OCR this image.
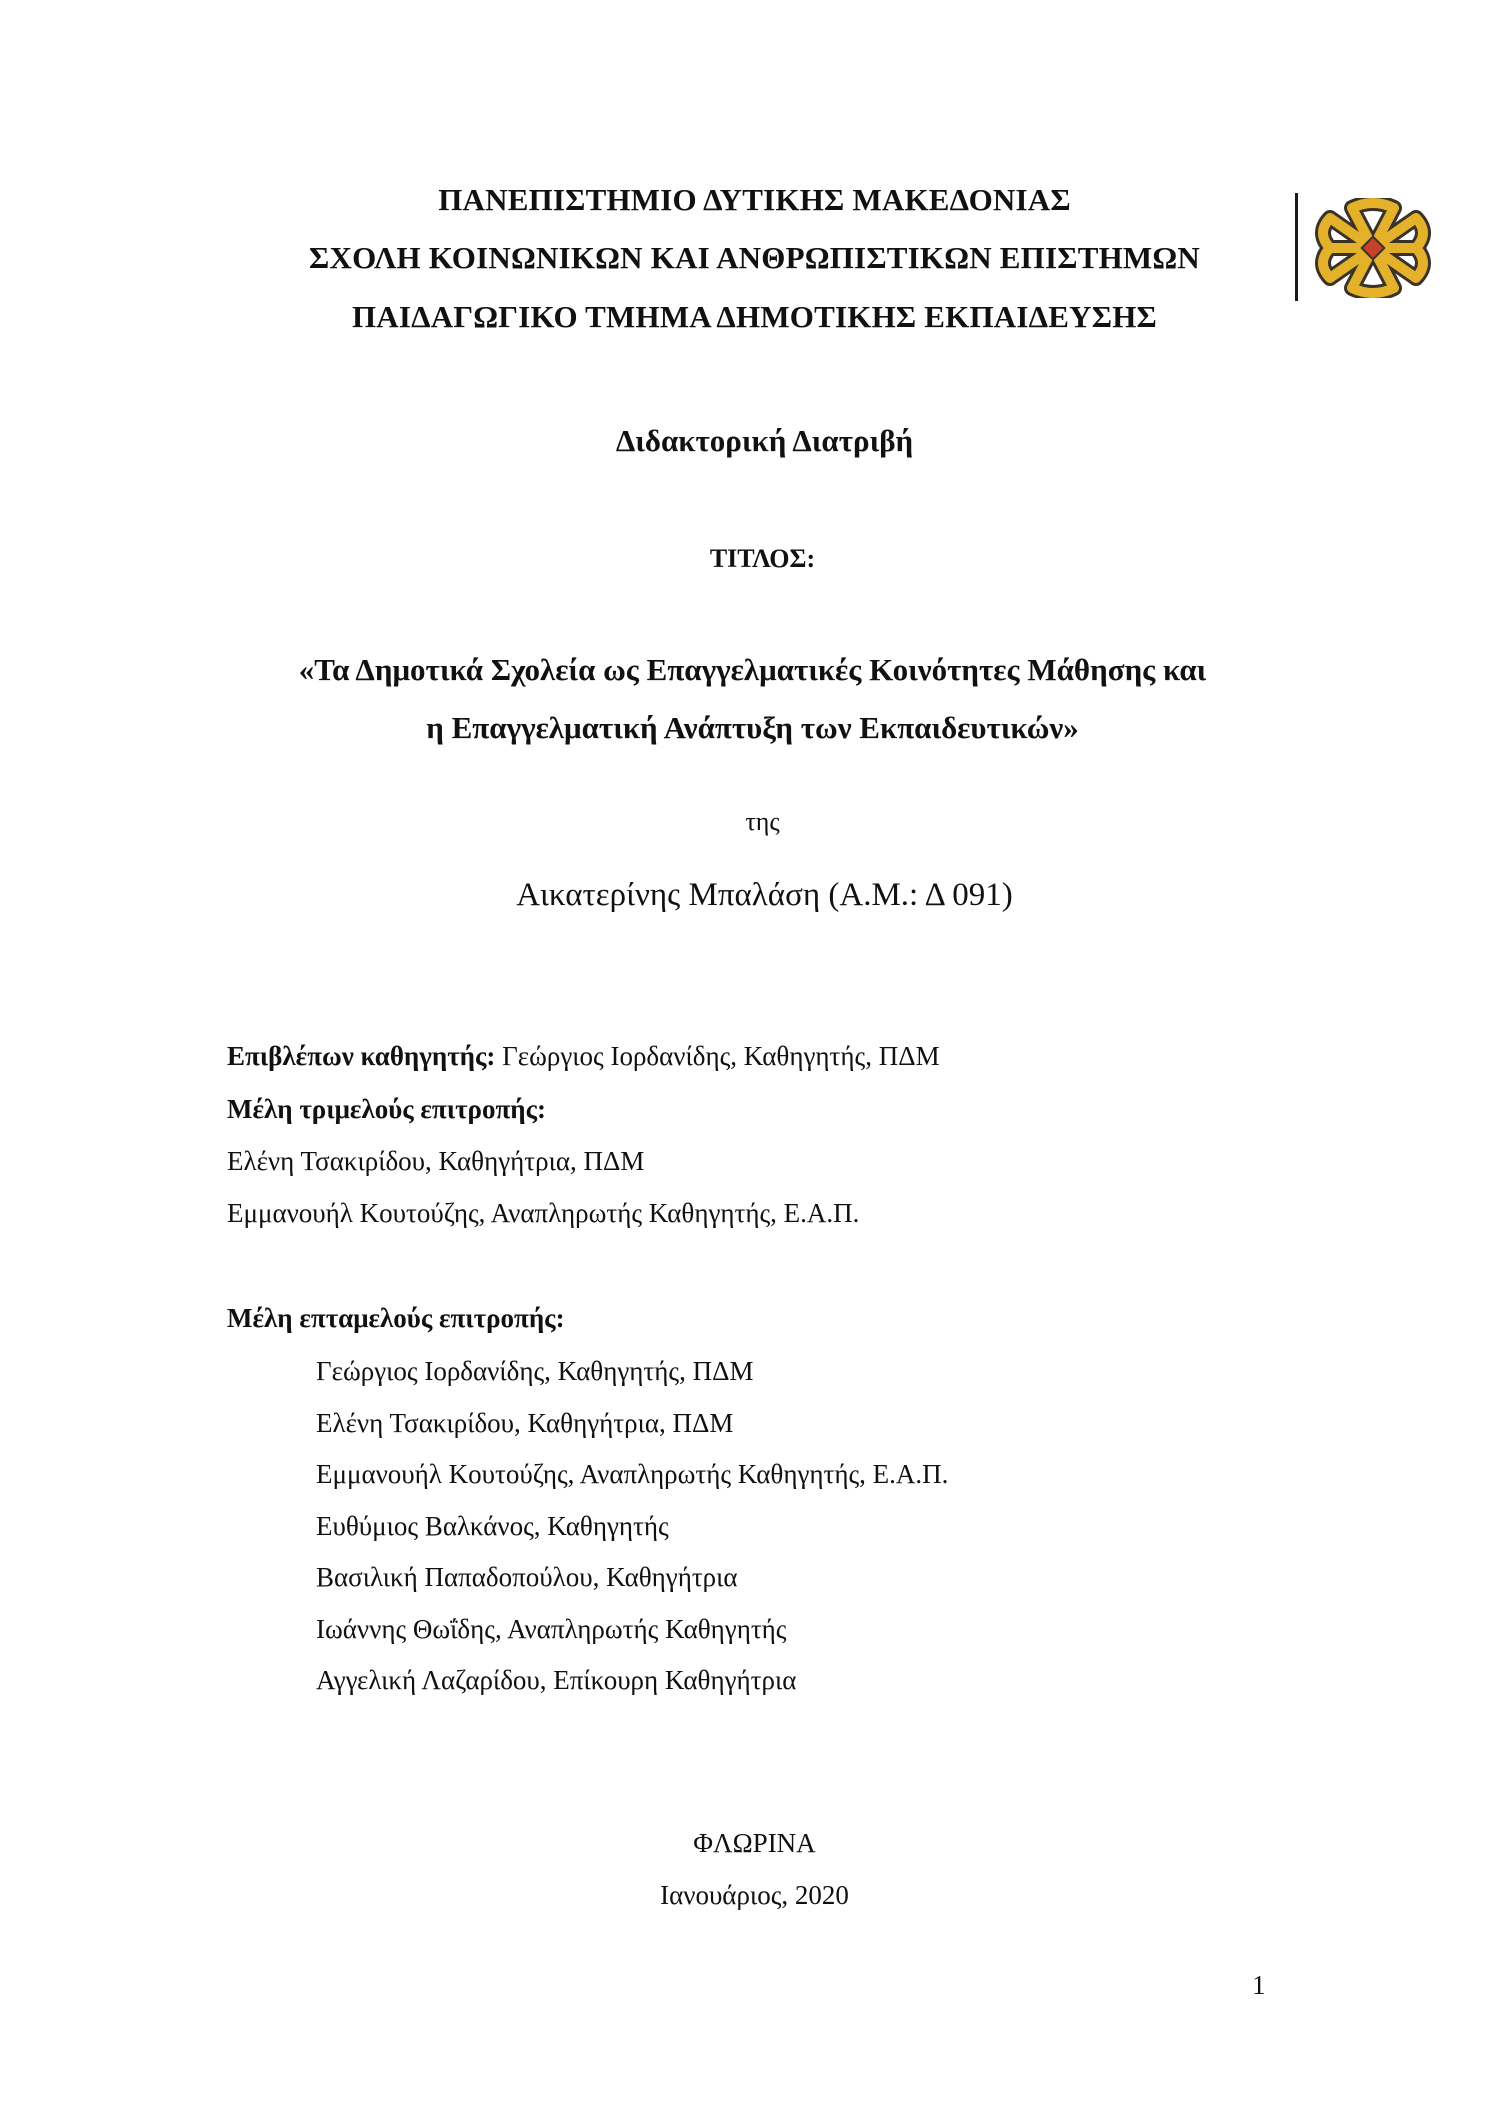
ΠΑΝΕΠΙΣΤΗΜΙΟ ΔΥΤΙΚΗΣ ΜΑΚΕΔΟΝΙΑΣ
ΣΧΟΛΗ ΚΟΙΝΩΝΙΚΩΝ ΚΑΙ ΑΝΘΡΩΠΙΣΤΙΚΩΝ ΕΠΙΣΤΗΜΩΝ
ΠΑΙΔΑΓΩΓΙΚΟ ΤΜΗΜΑ ΔΗΜΟΤΙΚΗΣ ΕΚΠΑΙΔΕΥΣΗΣ
Διδακτορική Διατριβή
ΤΙΤΛΟΣ:
«Τα Δημοτικά Σχολεία ως Επαγγελματικές Κοινότητες Μάθησης και
η Επαγγελματική Ανάπτυξη των Εκπαιδευτικών»
της
Αικατερίνης Μπαλάση (Α.Μ.: Δ 091)
Επιβλέπων καθηγητής: Γεώργιος Ιορδανίδης, Καθηγητής, ΠΔΜ
Μέλη τριμελούς επιτροπής:
Ελένη Τσακιρίδου, Καθηγήτρια, ΠΔΜ
Εμμανουήλ Κουτούζης, Αναπληρωτής Καθηγητής, Ε.Α.Π.
Μέλη επταμελούς επιτροπής:
Γεώργιος Ιορδανίδης, Καθηγητής, ΠΔΜ
Ελένη Τσακιρίδου, Καθηγήτρια, ΠΔΜ
Εμμανουήλ Κουτούζης, Αναπληρωτής Καθηγητής, Ε.Α.Π.
Ευθύμιος Βαλκάνος, Καθηγητής
Βασιλική Παπαδοπούλου, Καθηγήτρια
Ιωάννης Θωΐδης, Αναπληρωτής Καθηγητής
Αγγελική Λαζαρίδου, Επίκουρη Καθηγήτρια
ΦΛΩΡΙΝΑ
Ιανουάριος, 2020
1
